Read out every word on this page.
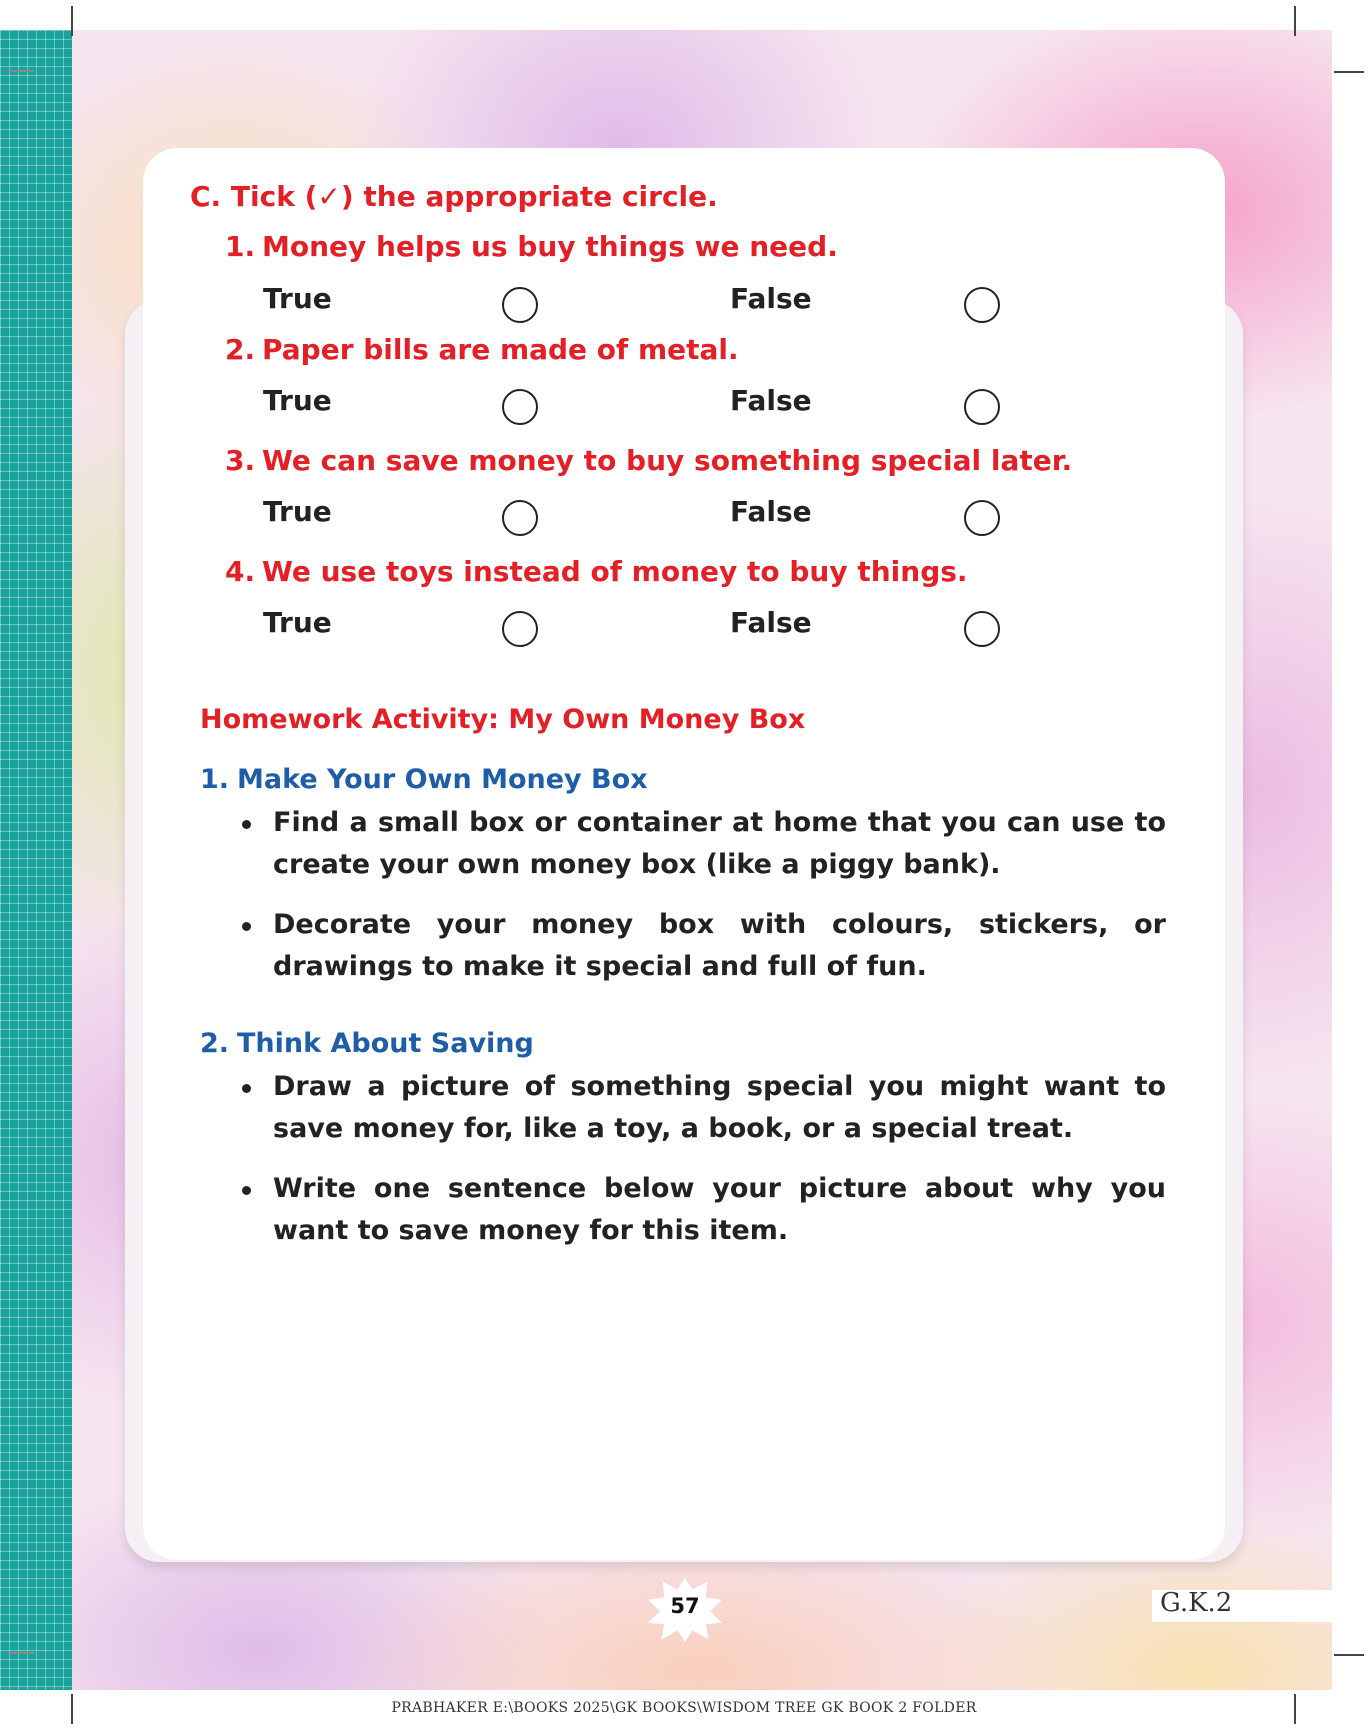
C. Tick (✓) the appropriate circle.
1. Money helps us buy things we need.
True	False
2. Paper bills are made of metal.
True	False
3. We can save money to buy something special later.
True	False
4. We use toys instead of money to buy things.
True	False
Homework Activity: My Own Money Box
1. Make Your Own Money Box
Find a small box or container at home that you can use to create your own money box (like a piggy bank).
Decorate your money box with colours, stickers, or drawings to make it special and full of fun.
2. Think About Saving
Draw a picture of something special you might want to save money for, like a toy, a book, or a special treat.
Write one sentence below your picture about why you want to save money for this item.
57	G.K.2
PRABHAKER E:\BOOKS 2025\GK BOOKS\WISDOM TREE GK BOOK 2 FOLDER
